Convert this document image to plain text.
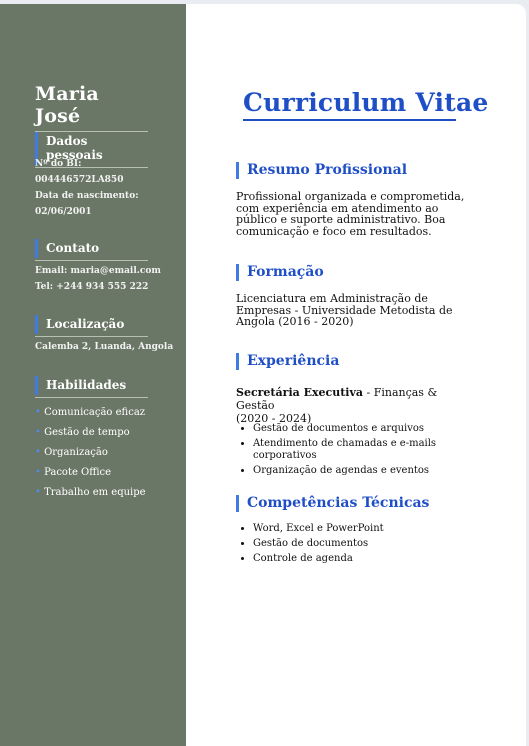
Maria José
Dados pessoais
Nº do BI:
004446572LA850
Data de nascimento:
02/06/2001
Contato
Email: maria@email.com
Tel: +244 934 555 222
Localização
Calemba 2, Luanda, Angola
Habilidades
• Comunicação eficaz
• Gestão de tempo
• Organização
• Pacote Office
• Trabalho em equipe
Curriculum Vitae
Resumo Profissional
Profissional organizada e comprometida, com experiência em atendimento ao público e suporte administrativo. Boa comunicação e foco em resultados.
Formação
Licenciatura em Administração de Empresas - Universidade Metodista de Angola (2016 - 2020)
Experiência
Secretária Executiva - Finanças & Gestão
(2020 - 2024)
• Gestão de documentos e arquivos
• Atendimento de chamadas e e-mails corporativos
• Organização de agendas e eventos
Competências Técnicas
• Word, Excel e PowerPoint
• Gestão de documentos
• Controle de agenda
